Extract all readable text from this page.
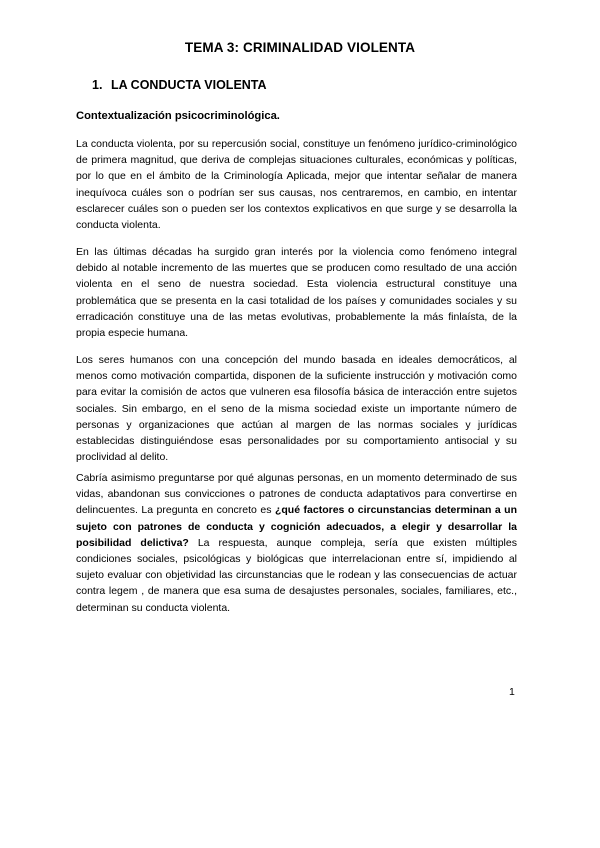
TEMA 3: CRIMINALIDAD VIOLENTA
1. LA CONDUCTA VIOLENTA
Contextualización psicocriminológica.

La conducta violenta, por su repercusión social, constituye un fenómeno jurídico-criminológico de primera magnitud, que deriva de complejas situaciones culturales, económicas y políticas, por lo que en el ámbito de la Criminología Aplicada, mejor que intentar señalar de manera inequívoca cuáles son o podrían ser sus causas, nos centraremos, en cambio, en intentar esclarecer cuáles son o pueden ser los contextos explicativos en que surge y se desarrolla la conducta violenta.

En las últimas décadas ha surgido gran interés por la violencia como fenómeno integral debido al notable incremento de las muertes que se producen como resultado de una acción violenta en el seno de nuestra sociedad. Esta violencia estructural constituye una problemática que se presenta en la casi totalidad de los países y comunidades sociales y su erradicación constituye una de las metas evolutivas, probablemente la más finlaísta, de la propia especie humana.

Los seres humanos con una concepción del mundo basada en ideales democráticos, al menos como motivación compartida, disponen de la suficiente instrucción y motivación como para evitar la comisión de actos que vulneren esa filosofía básica de interacción entre sujetos sociales. Sin embargo, en el seno de la misma sociedad existe un importante número de personas y organizaciones que actúan al margen de las normas sociales y jurídicas establecidas distinguiéndose esas personalidades por su comportamiento antisocial y su proclividad al delito.

Cabría asimismo preguntarse por qué algunas personas, en un momento determinado de sus vidas, abandonan sus convicciones o patrones de conducta adaptativos para convertirse en delincuentes. La pregunta en concreto es ¿qué factores o circunstancias determinan a un sujeto con patrones de conducta y cognición adecuados, a elegir y desarrollar la posibilidad delictiva? La respuesta, aunque compleja, sería que existen múltiples condiciones sociales, psicológicas y biológicas que interrelacionan entre sí, impidiendo al sujeto evaluar con objetividad las circunstancias que le rodean y las consecuencias de actuar contra legem , de manera que esa suma de desajustes personales, sociales, familiares, etc., determinan su conducta violenta.

1
